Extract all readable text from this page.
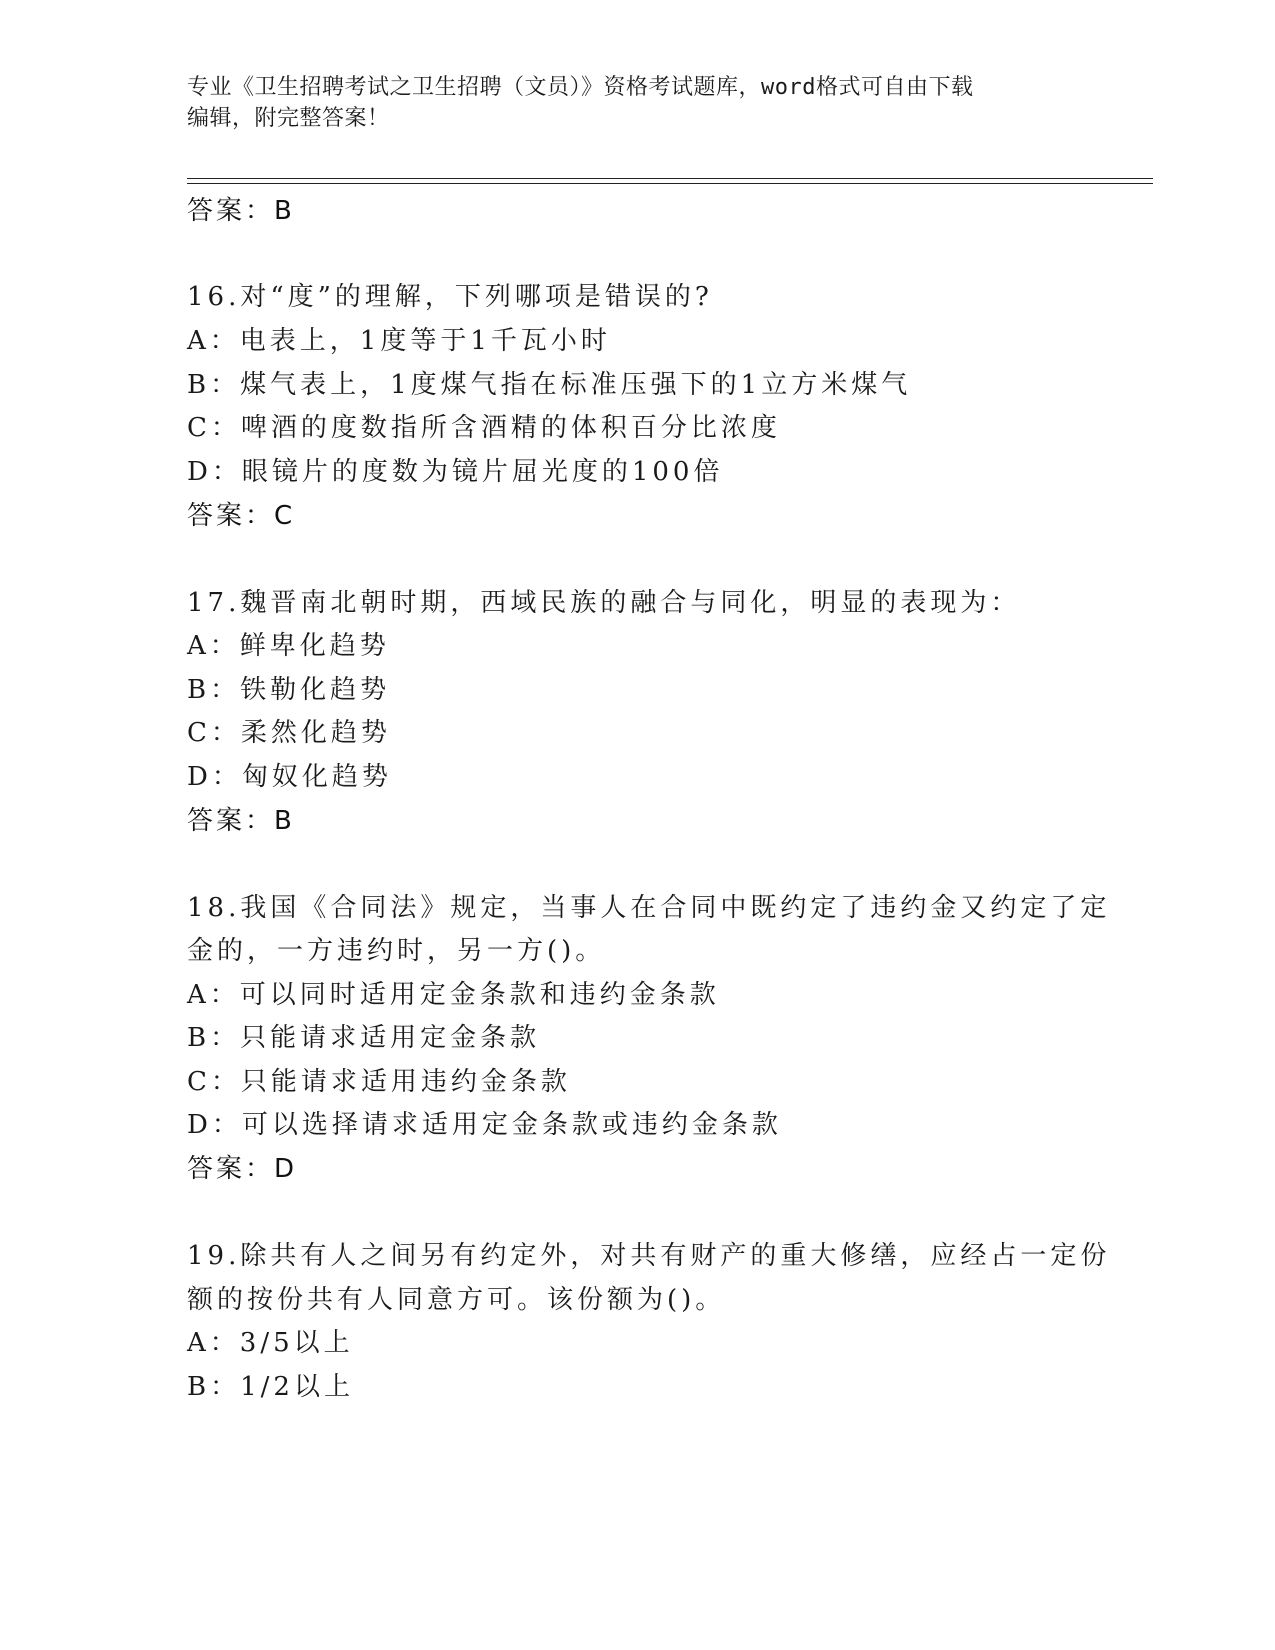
专业《卫生招聘考试之卫生招聘（文员）》资格考试题库，word格式可自由下载
编辑，附完整答案！
答案：B
16.对“度”的理解，下列哪项是错误的?
A：电表上，1度等于1千瓦小时
B：煤气表上，1度煤气指在标准压强下的1立方米煤气
C：啤酒的度数指所含酒精的体积百分比浓度
D：眼镜片的度数为镜片屈光度的100倍
答案：C
17.魏晋南北朝时期，西域民族的融合与同化，明显的表现为：
A：鲜卑化趋势
B：铁勒化趋势
C：柔然化趋势
D：匈奴化趋势
答案：B
18.我国《合同法》规定，当事人在合同中既约定了违约金又约定了定
金的，一方违约时，另一方()。
A：可以同时适用定金条款和违约金条款
B：只能请求适用定金条款
C：只能请求适用违约金条款
D：可以选择请求适用定金条款或违约金条款
答案：D
19.除共有人之间另有约定外，对共有财产的重大修缮，应经占一定份
额的按份共有人同意方可。该份额为()。
A：3/5以上
B：1/2以上
